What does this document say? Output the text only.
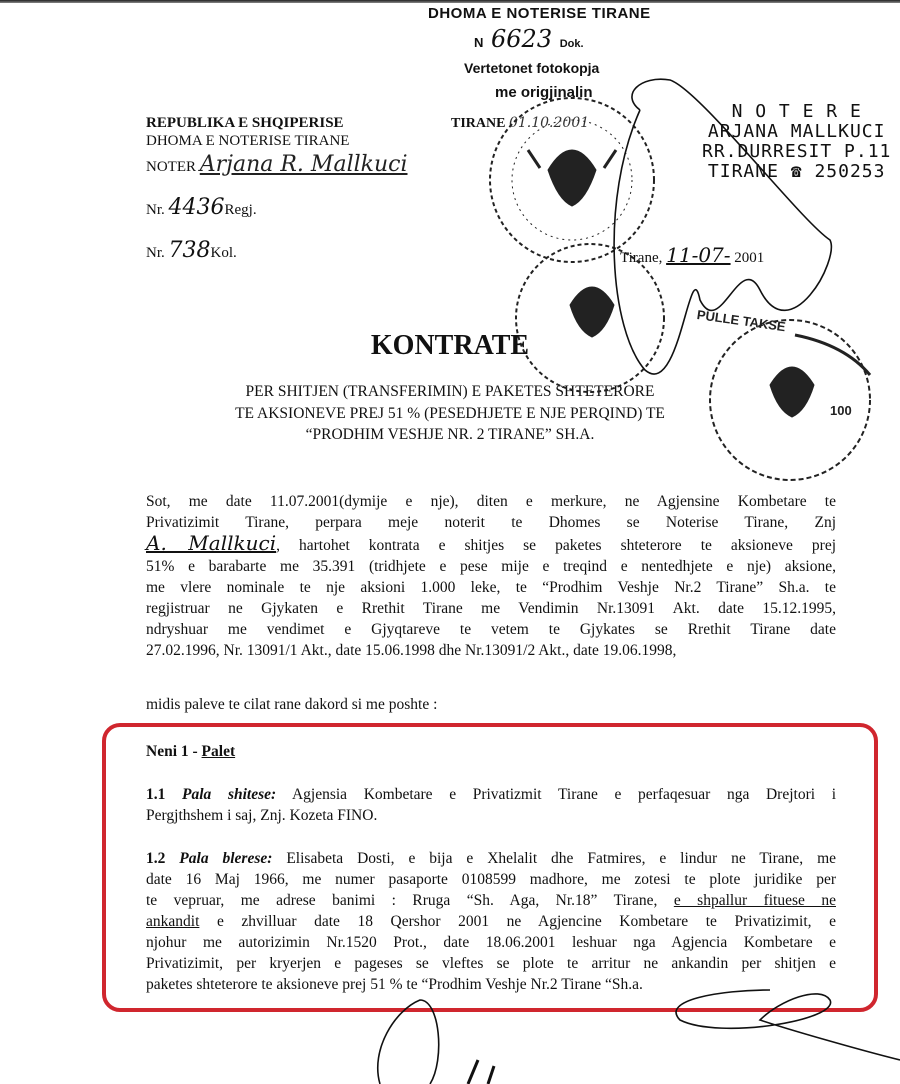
DHOMA E NOTERISE TIRANE
N 6623 Dok.
Vertetonet fotokopja
me origjinalin
TIRANE 01.10.2001
REPUBLIKA E SHQIPERISE
DHOMA E NOTERISE TIRANE
NOTER Arjana R. Mallkuci
Nr. 4436Regj.
Nr. 738Kol.
N O T E R E
ARJANA MALLKUCI
RR.DURRESIT P.11
TIRANE ☎ 250253
Tirane, 11-07- 2001
KONTRATE
PER SHITJEN (TRANSFERIMIN) E PAKETES SHTETERORE
TE AKSIONEVE PREJ 51 % (PESEDHJETE E NJE PERQIND) TE
“PRODHIM VESHJE NR. 2 TIRANE” SH.A.
Sot, me date 11.07.2001(dymije e nje), diten e merkure, ne Agjensine Kombetare te
Privatizimit Tirane, perpara meje noterit te Dhomes se Noterise Tirane, Znj
A. Mallkuci, hartohet kontrata e shitjes se paketes shteterore te aksioneve prej
51% e barabarte me 35.391 (tridhjete e pese mije e treqind e nentedhjete e nje) aksione,
me vlere nominale te nje aksioni 1.000 leke, te “Prodhim Veshje Nr.2 Tirane” Sh.a. te
regjistruar ne Gjykaten e Rrethit Tirane me Vendimin Nr.13091 Akt. date 15.12.1995,
ndryshuar me vendimet e Gjyqtareve te vetem te Gjykates se Rrethit Tirane date
27.02.1996, Nr. 13091/1 Akt., date 15.06.1998 dhe Nr.13091/2 Akt., date 19.06.1998,
midis paleve te cilat rane dakord si me poshte :
Neni 1 - Palet
1.1 Pala shitese: Agjensia Kombetare e Privatizmit Tirane e perfaqesuar nga Drejtori i
Pergjthshem i saj, Znj. Kozeta FINO.
1.2 Pala blerese: Elisabeta Dosti, e bija e Xhelalit dhe Fatmires, e lindur ne Tirane, me
date 16 Maj 1966, me numer pasaporte 0108599 madhore, me zotesi te plote juridike per
te vepruar, me adrese banimi : Rruga “Sh. Aga, Nr.18” Tirane, e shpallur fituese ne
ankandit e zhvilluar date 18 Qershor 2001 ne Agjencine Kombetare te Privatizimit, e
njohur me autorizimin Nr.1520 Prot., date 18.06.2001 leshuar nga Agjencia Kombetare e
Privatizimit, per kryerjen e pageses se vleftes se plote te arritur ne ankandin per shitjen e
paketes shteterore te aksioneve prej 51 % te “Prodhim Veshje Nr.2 Tirane “Sh.a.
PULLE TAKSE
100
